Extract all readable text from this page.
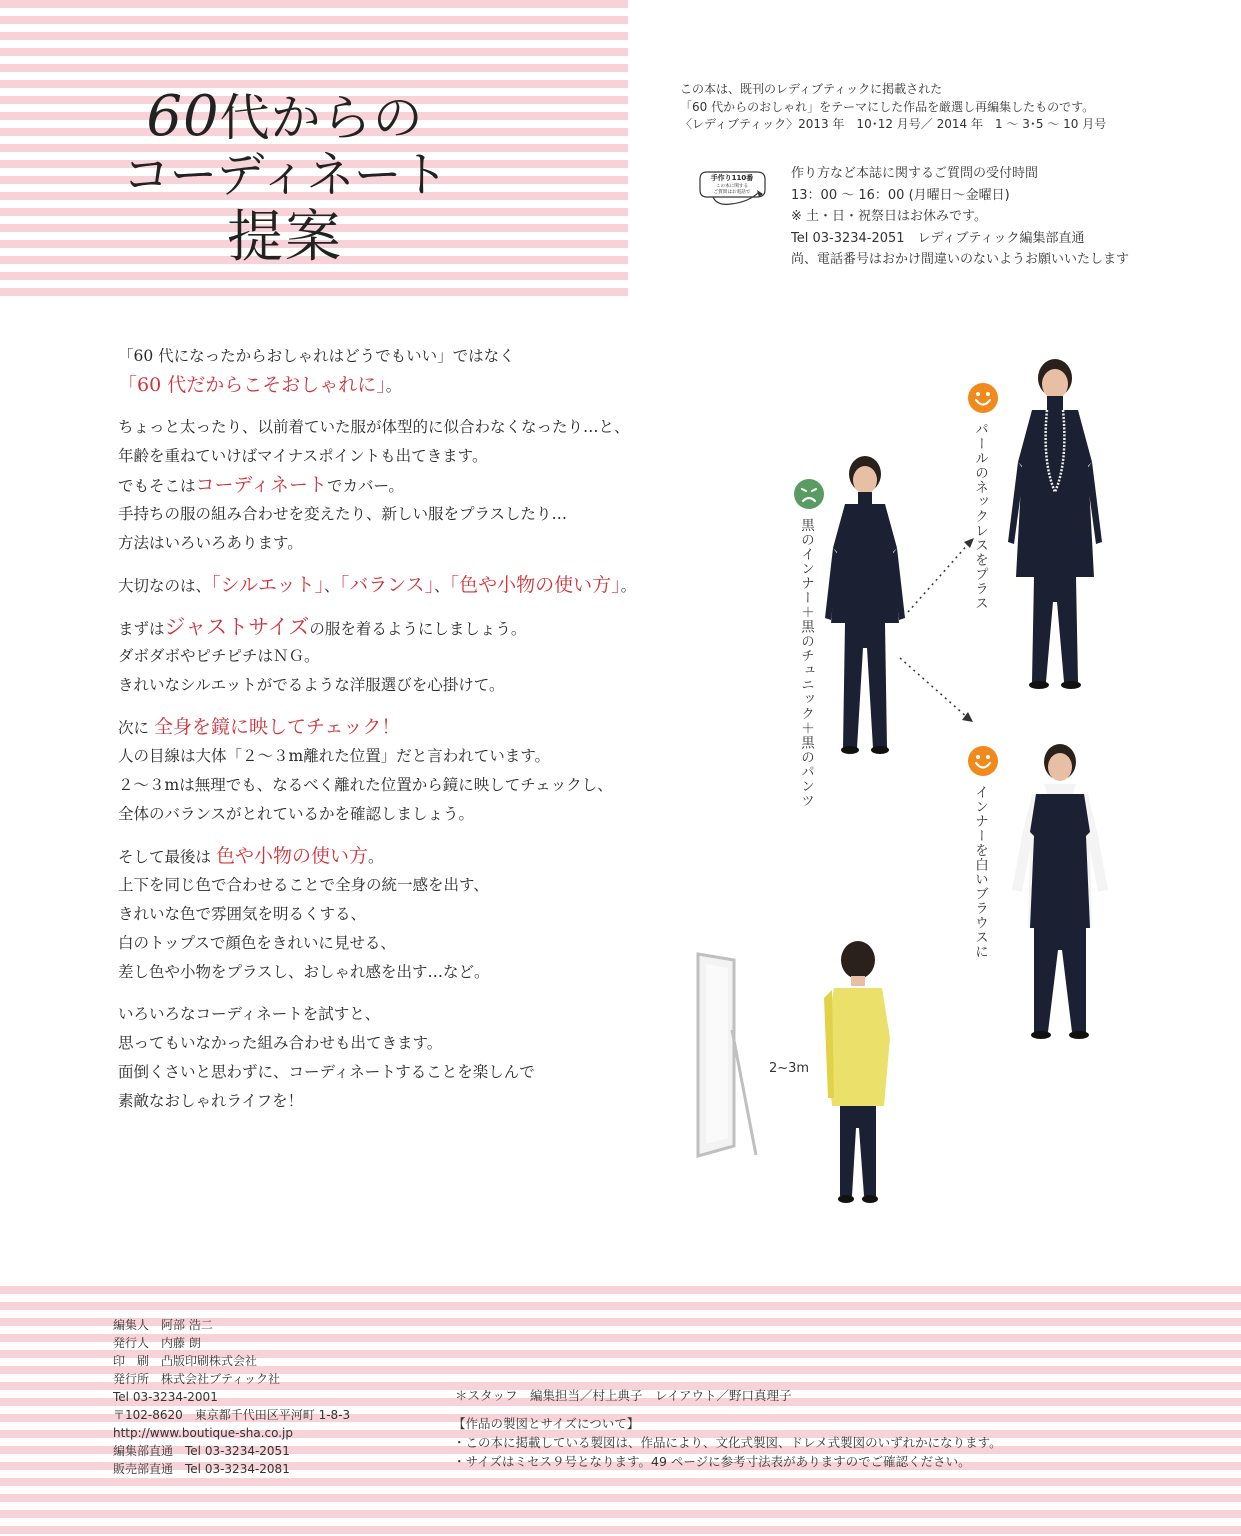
60代からの
コーディネート
提案
この本は、既刊のレディブティックに掲載された
「60 代からのおしゃれ」をテーマにした作品を厳選し再編集したものです。
〈レディブティック〉2013 年　10･12 月号／ 2014 年　1 ～ 3･5 ～ 10 月号
手作り110番
この本に関する
ご質問はお電話で
作り方など本誌に関するご質問の受付時間
13：00 ～ 16：00 (月曜日～金曜日)
※ 土・日・祝祭日はお休みです。
Tel 03-3234-2051　レディブティック編集部直通
尚、電話番号はおかけ間違いのないようお願いいたします
「60 代になったからおしゃれはどうでもいい」ではなく
「60 代だからこそおしゃれに」。
ちょっと太ったり、以前着ていた服が体型的に似合わなくなったり…と、
年齢を重ねていけばマイナスポイントも出てきます。
でもそこはコーディネートでカバー。
手持ちの服の組み合わせを変えたり、新しい服をプラスしたり…
方法はいろいろあります。
大切なのは、「シルエット」、「バランス」、「色や小物の使い方」。
まずはジャストサイズの服を着るようにしましょう。
ダボダボやピチピチはＮＧ。
きれいなシルエットがでるような洋服選びを心掛けて。
次に 全身を鏡に映してチェック！
人の目線は大体「２～３m離れた位置」だと言われています。
２～３mは無理でも、なるべく離れた位置から鏡に映してチェックし、
全体のバランスがとれているかを確認しましょう。
そして最後は 色や小物の使い方。
上下を同じ色で合わせることで全身の統一感を出す、
きれいな色で雰囲気を明るくする、
白のトップスで顔色をきれいに見せる、
差し色や小物をプラスし、おしゃれ感を出す…など。
いろいろなコーディネートを試すと、
思ってもいなかった組み合わせも出てきます。
面倒くさいと思わずに、コーディネートすることを楽しんで
素敵なおしゃれライフを！
黒のインナー＋黒のチュニック＋黒のパンツ
パールのネックレスをプラス
インナーを白いブラウスに
2~3m
編集人　阿部 浩二
発行人　内藤 朗
印　刷　凸版印刷株式会社
発行所　株式会社ブティック社
Tel 03-3234-2001
〒102-8620　東京都千代田区平河町 1-8-3
http://www.boutique-sha.co.jp
編集部直通　Tel 03-3234-2051
販売部直通　Tel 03-3234-2081
＊スタッフ　編集担当／村上典子　レイアウト／野口真理子
【作品の製図とサイズについて】
・この本に掲載している製図は、作品により、文化式製図、ドレメ式製図のいずれかになります。
・サイズはミセス９号となります。49 ページに参考寸法表がありますのでご確認ください。
